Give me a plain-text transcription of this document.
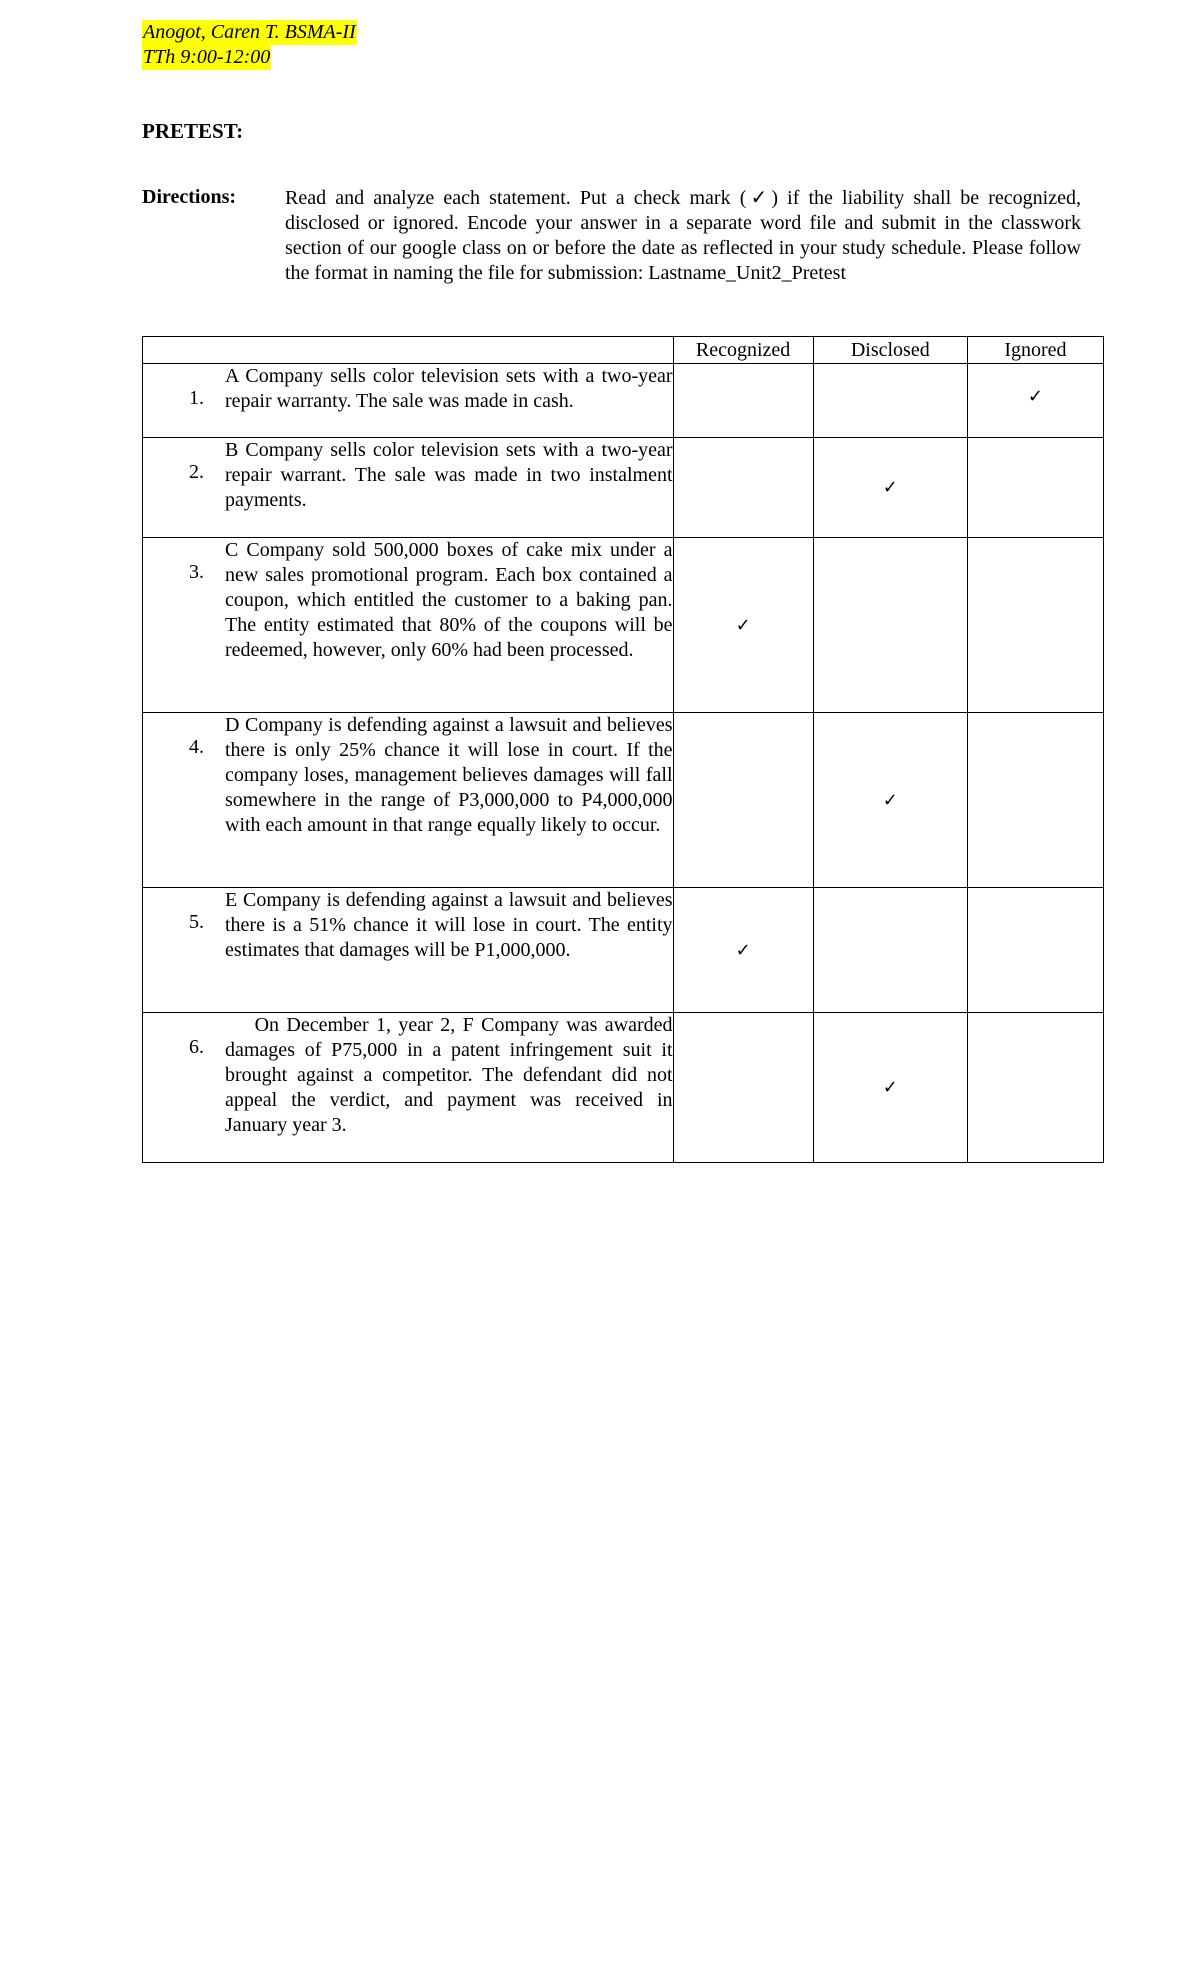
Anogot, Caren T. BSMA-II
TTh 9:00-12:00
PRETEST:
Directions: Read and analyze each statement. Put a check mark (✓) if the liability shall be recognized, disclosed or ignored. Encode your answer in a separate word file and submit in the classwork section of our google class on or before the date as reflected in your study schedule. Please follow the format in naming the file for submission: Lastname_Unit2_Pretest
	Recognized	Disclosed	Ignored

1.
A Company sells color television sets with a two-year repair warranty. The sale was made in cash.			✓

2.
B Company sells color television sets with a two-year repair warrant. The sale was made in two instalment payments.		✓	

3.
C Company sold 500,000 boxes of cake mix under a new sales promotional program. Each box contained a coupon, which entitled the customer to a baking pan. The entity estimated that 80% of the coupons will be redeemed, however, only 60% had been processed.	✓		

4.
D Company is defending against a lawsuit and believes there is only 25% chance it will lose in court. If the company loses, management believes damages will fall somewhere in the range of P3,000,000 to P4,000,000 with each amount in that range equally likely to occur.		✓	

5.
E Company is defending against a lawsuit and believes there is a 51% chance it will lose in court. The entity estimates that damages will be P1,000,000.	✓		

6.
On December 1, year 2, F Company was awarded damages of P75,000 in a patent infringement suit it brought against a competitor. The defendant did not appeal the verdict, and payment was received in January year 3.		✓	
